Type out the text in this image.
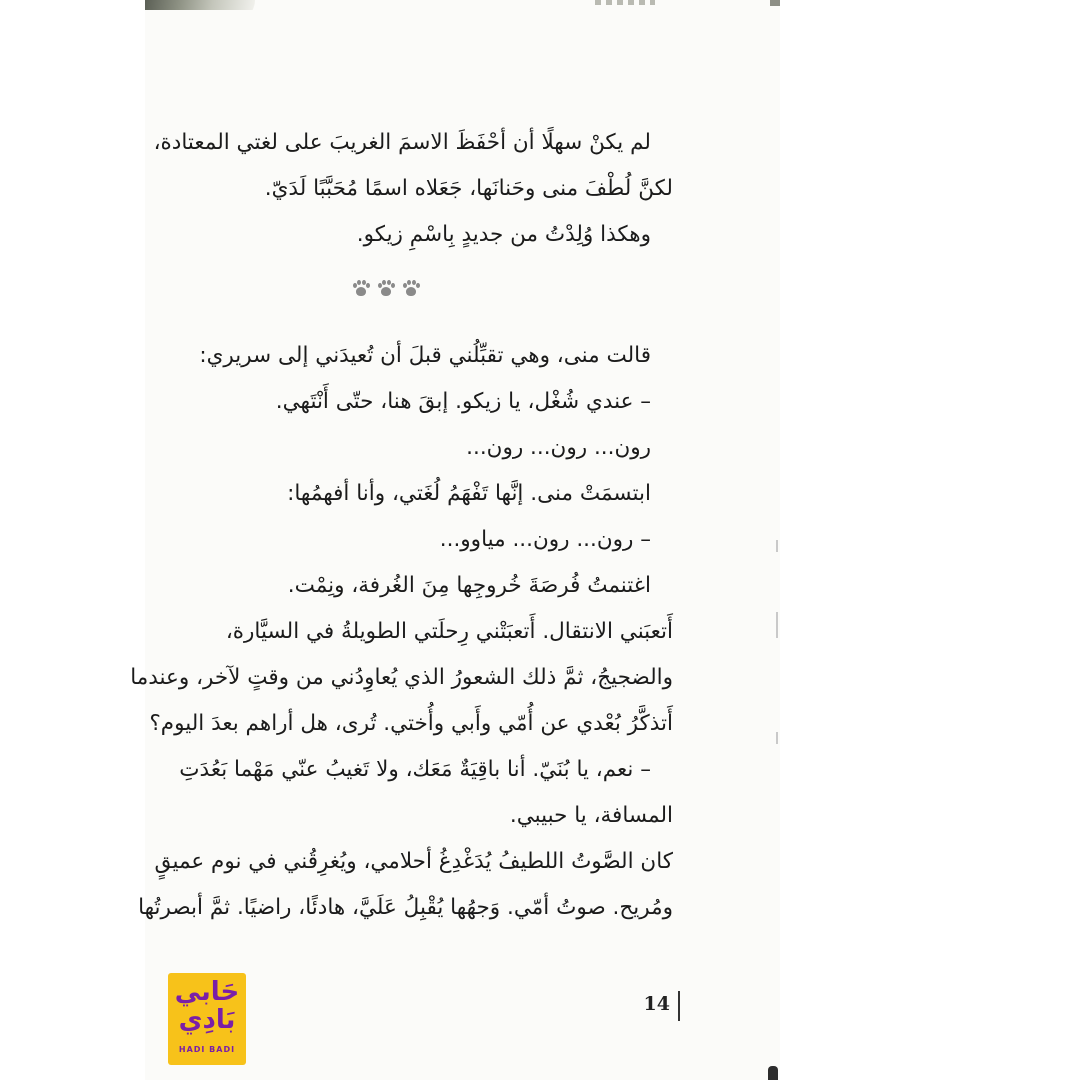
لم يكنْ سهلًا أن أحْفَظَ الاسمَ الغريبَ على لغتي المعتادة،
لكنَّ لُطْفَ منى وحَنانَها، جَعَلاه اسمًا مُحَبَّبًا لَدَيّ.
وهكذا وُلِدْتُ من جديدٍ بِاسْمِ زيكو.
قالت منى، وهي تقبِّلُني قبلَ أن تُعيدَني إلى سريري:
– عندي شُغْل، يا زيكو. إبقَ هنا، حتّى أَنْتَهي.
رون... رون... رون...
ابتسمَتْ منى. إنَّها تَفْهَمُ لُغَتي، وأنا أفهمُها:
– رون... رون... مياوو...
اغتنمتُ فُرصَةَ خُروجِها مِنَ الغُرفة، ونِمْت.
أَتعبَني الانتقال. أَتعبَتْني رِحلَتي الطويلةُ في السيَّارة،
والضجيجُ، ثمَّ ذلك الشعورُ الذي يُعاوِدُني من وقتٍ لآخر، وعندما
أَتذكَّرُ بُعْدي عن أُمّي وأَبي وأُختي. تُرى، هل أراهم بعدَ اليوم؟
– نعم، يا بُنَيّ. أنا باقِيَةٌ مَعَك، ولا تَغيبُ عنّي مَهْما بَعُدَتِ
المسافة، يا حبيبي.
كان الصَّوتُ اللطيفُ يُدَغْدِغُ أحلامي، ويُغرِقُني في نوم عميقٍ
ومُريح. صوتُ أمّي. وَجهُها يُقْبِلُ عَلَيَّ، هادئًا، راضيًا. ثمَّ أبصرتُها
14
حَابي
بَادِي
HADI BADI
